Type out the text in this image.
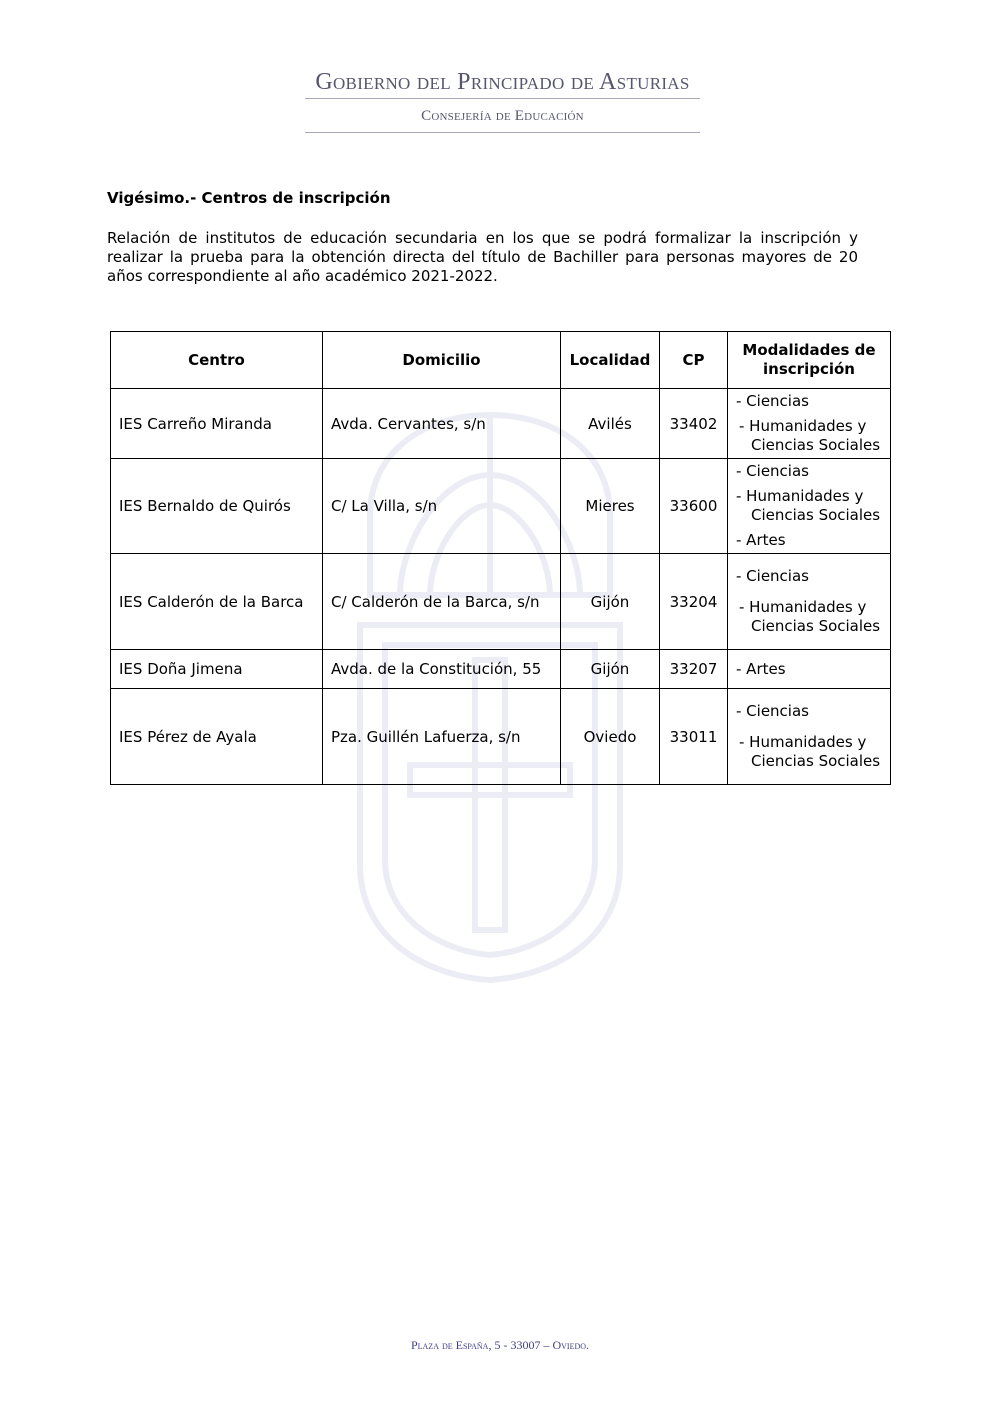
Gobierno del Principado de Asturias
Consejería de Educación
Vigésimo.- Centros de inscripción
Relación de institutos de educación secundaria en los que se podrá formalizar la inscripción y realizar la prueba para la obtención directa del título de Bachiller para personas mayores de 20 años correspondiente al año académico 2021-2022.
Centro	Domicilio	Localidad	CP	Modalidades de inscripción
IES Carreño Miranda	Avda. Cervantes, s/n	Avilés	33402	- Ciencias
- Humanidades y
Ciencias Sociales

IES Bernaldo de Quirós	C/ La Villa, s/n	Mieres	33600	- Ciencias
- Humanidades y
Ciencias Sociales
- Artes

IES Calderón de la Barca	C/ Calderón de la Barca, s/n	Gijón	33204	- Ciencias
- Humanidades y
Ciencias Sociales

IES Doña Jimena	Avda. de la Constitución, 55	Gijón	33207	- Artes

IES Pérez de Ayala	Pza. Guillén Lafuerza, s/n	Oviedo	33011	- Ciencias
- Humanidades y
Ciencias Sociales
Plaza de España, 5 - 33007 – Oviedo.
